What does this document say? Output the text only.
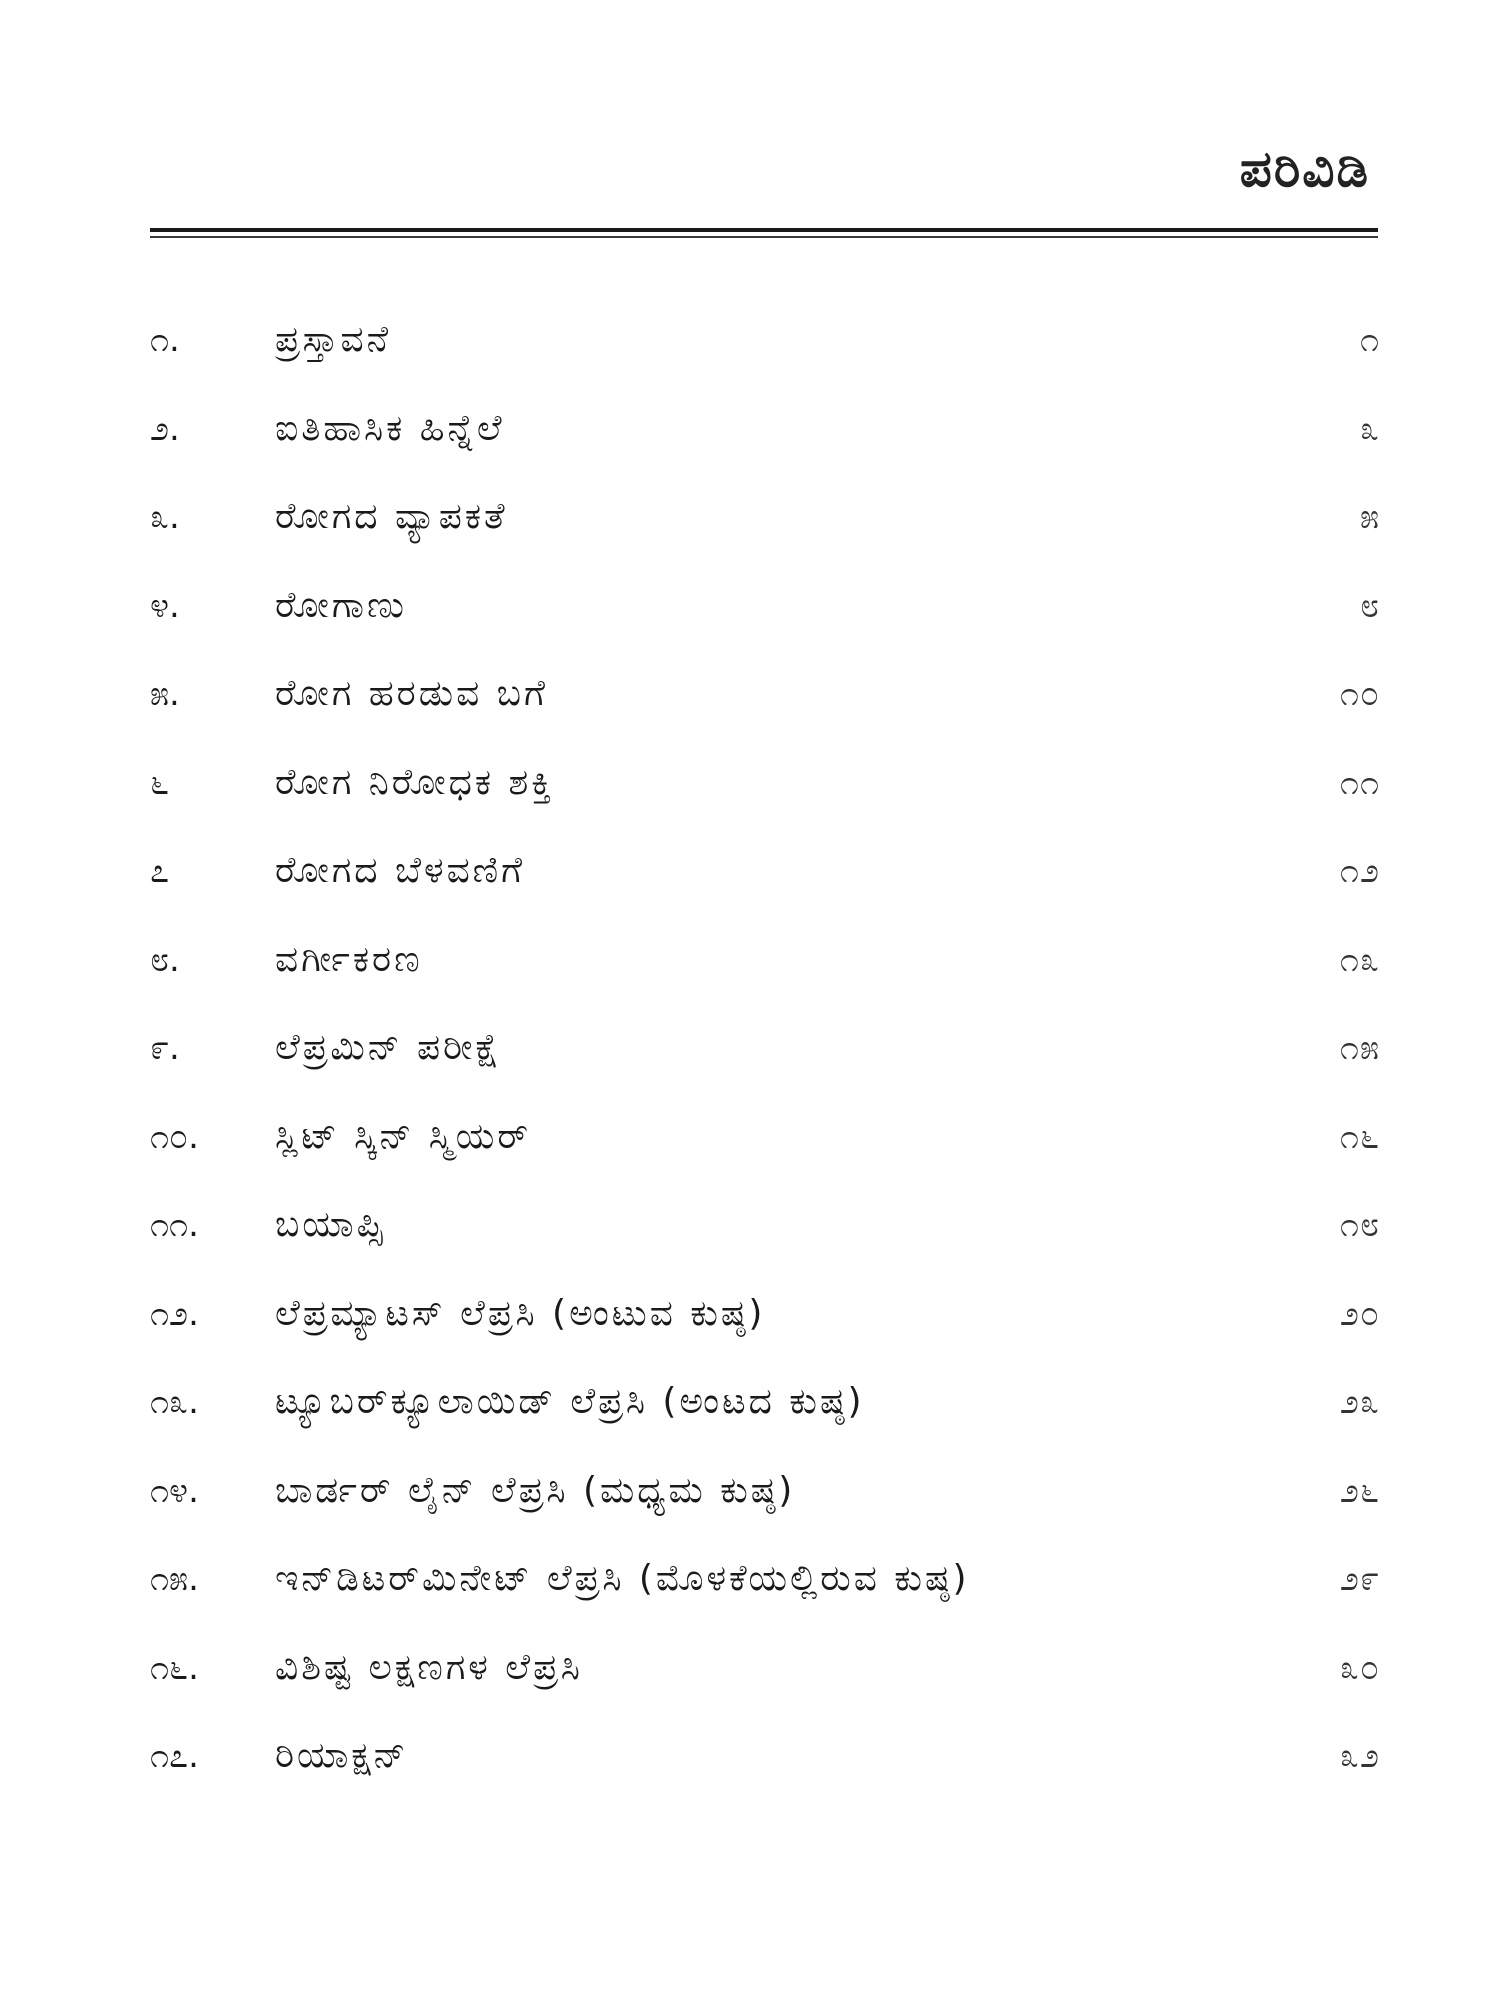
ಪರಿವಿಡಿ
೧.	ಪ್ರಸ್ತಾವನೆ	೧
೨.	ಐತಿಹಾಸಿಕ ಹಿನ್ನೆಲೆ	೩
೩.	ರೋಗದ ವ್ಯಾಪಕತೆ	೫
೪.	ರೋಗಾಣು	೮
೫.	ರೋಗ ಹರಡುವ ಬಗೆ	೧೦
೬	ರೋಗ ನಿರೋಧಕ ಶಕ್ತಿ	೧೧
೭	ರೋಗದ ಬೆಳವಣಿಗೆ	೧೨
೮.	ವರ್ಗೀಕರಣ	೧೩
೯.	ಲೆಪ್ರಮಿನ್ ಪರೀಕ್ಷೆ	೧೫
೧೦.	ಸ್ಲಿಟ್ ಸ್ಕಿನ್ ಸ್ಮಿಯರ್	೧೬
೧೧.	ಬಯಾಪ್ಸಿ	೧೮
೧೨.	ಲೆಪ್ರಮ್ಯಾಟಸ್ ಲೆಪ್ರಸಿ (ಅಂಟುವ ಕುಷ್ಠ)	೨೦
೧೩.	ಟ್ಯೂಬರ್‌ಕ್ಯೂಲಾಯಿಡ್ ಲೆಪ್ರಸಿ (ಅಂಟದ ಕುಷ್ಠ)	೨೩
೧೪.	ಬಾರ್ಡರ್ ಲೈನ್ ಲೆಪ್ರಸಿ (ಮಧ್ಯಮ ಕುಷ್ಠ)	೨೬
೧೫.	ಇನ್‌ಡಿಟರ್‌ಮಿನೇಟ್ ಲೆಪ್ರಸಿ (ಮೊಳಕೆಯಲ್ಲಿರುವ ಕುಷ್ಠ)	೨೯
೧೬.	ವಿಶಿಷ್ಟ ಲಕ್ಷಣಗಳ ಲೆಪ್ರಸಿ	೩೦
೧೭.	ರಿಯಾಕ್ಷನ್	೩೨
